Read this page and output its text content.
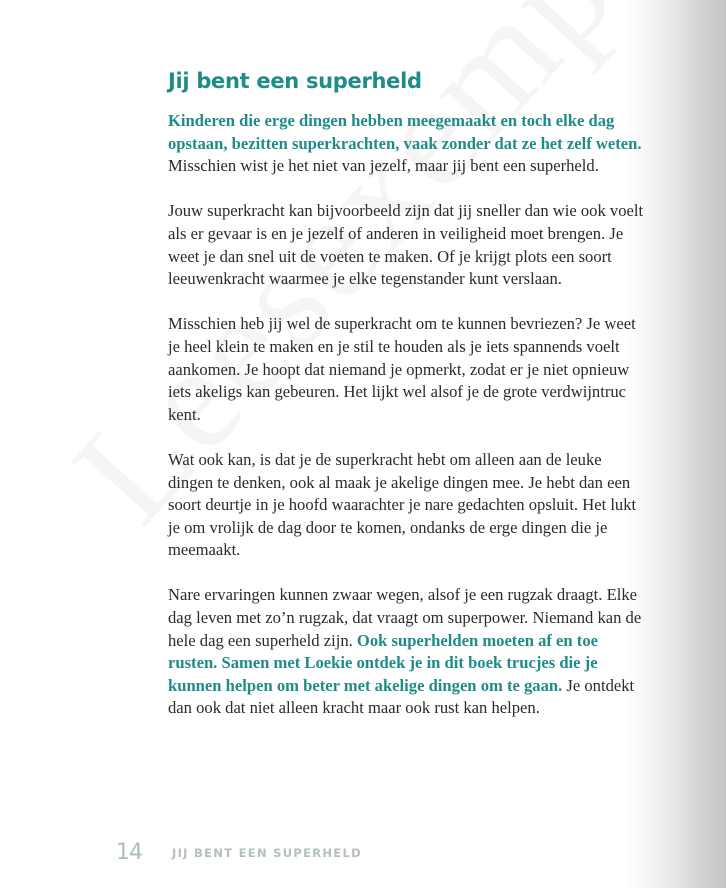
Jij bent een superheld

Kinderen die erge dingen hebben meegemaakt en toch elke dag opstaan, bezitten superkrachten, vaak zonder dat ze het zelf weten. Misschien wist je het niet van jezelf, maar jij bent een superheld.

Jouw superkracht kan bijvoorbeeld zijn dat jij sneller dan wie ook voelt als er gevaar is en je jezelf of anderen in veiligheid moet brengen. Je weet je dan snel uit de voeten te maken. Of je krijgt plots een soort leeuwenkracht waarmee je elke tegenstander kunt verslaan.

Misschien heb jij wel de superkracht om te kunnen bevriezen? Je weet je heel klein te maken en je stil te houden als je iets spannends voelt aankomen. Je hoopt dat niemand je opmerkt, zodat er je niet opnieuw iets akeligs kan gebeuren. Het lijkt wel alsof je de grote verdwijntruc kent.

Wat ook kan, is dat je de superkracht hebt om alleen aan de leuke dingen te denken, ook al maak je akelige dingen mee. Je hebt dan een soort deurtje in je hoofd waarachter je nare gedachten opsluit. Het lukt je om vrolijk de dag door te komen, ondanks de erge dingen die je meemaakt.

Nare ervaringen kunnen zwaar wegen, alsof je een rugzak draagt. Elke dag leven met zo’n rugzak, dat vraagt om superpower. Niemand kan de hele dag een superheld zijn. Ook superhelden moeten af en toe rusten. Samen met Loekie ontdek je in dit boek trucjes die je kunnen helpen om beter met akelige dingen om te gaan. Je ontdekt dan ook dat niet alleen kracht maar ook rust kan helpen.

14	JIJ BENT EEN SUPERHELD
